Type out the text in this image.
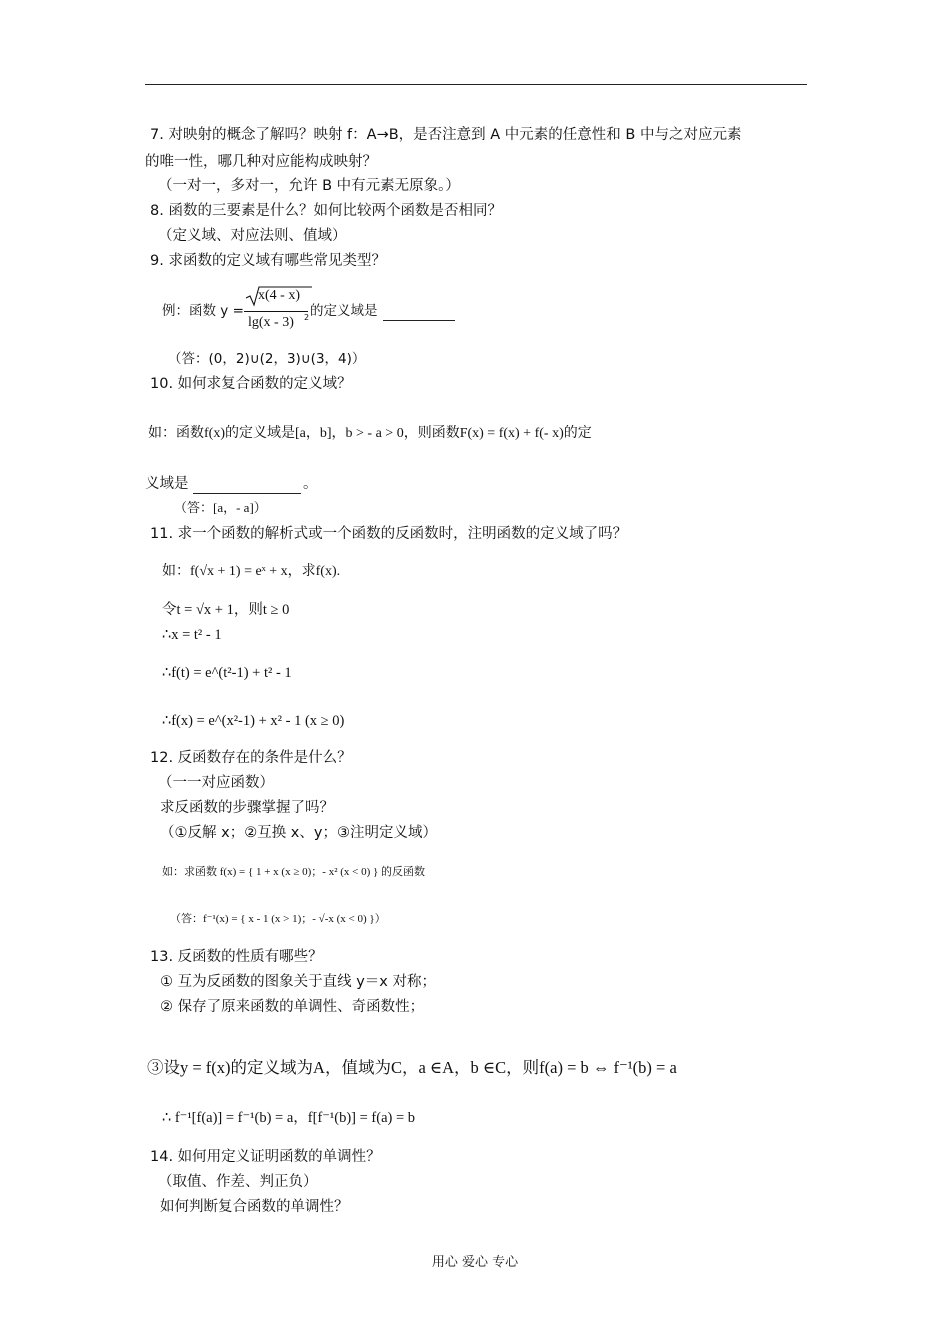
7. 对映射的概念了解吗？映射 f：A→B，是否注意到 A 中元素的任意性和 B 中与之对应元素
的唯一性，哪几种对应能构成映射？
（一对一，多对一，允许 B 中有元素无原象。）
8. 函数的三要素是什么？如何比较两个函数是否相同？
（定义域、对应法则、值域）
9. 求函数的定义域有哪些常见类型？
例：函数 y =
x(4 - x)
lg(x - 3) 2 的定义域是
（答：(0，2)∪(2，3)∪(3，4)）
10. 如何求复合函数的定义域？
如：函数f(x)的定义域是[a，b]，b > - a > 0，则函数F(x) = f(x) + f(- x)的定
义域是	。
（答：[a，- a]）
11. 求一个函数的解析式或一个函数的反函数时，注明函数的定义域了吗？
如：f(√x + 1) = eˣ + x，求f(x).
令t = √x + 1，则t ≥ 0
∴x = t² - 1
∴f(t) = e^(t²-1) + t² - 1
∴f(x) = e^(x²-1) + x² - 1 (x ≥ 0)
12. 反函数存在的条件是什么？
（一一对应函数）
求反函数的步骤掌握了吗？
（①反解 x；②互换 x、y；③注明定义域）
如：求函数 f(x) = { 1 + x (x ≥ 0)；- x² (x < 0) } 的反函数
（答：f⁻¹(x) = { x - 1 (x > 1)；- √-x (x < 0) }）
13. 反函数的性质有哪些？
① 互为反函数的图象关于直线 y＝x 对称；
② 保存了原来函数的单调性、奇函数性；
③设y = f(x)的定义域为A，值域为C，a ∈A，b ∈C，则f(a) = b ⇔ f⁻¹(b) = a
∴ f⁻¹[f(a)] = f⁻¹(b) = a，f[f⁻¹(b)] = f(a) = b
14. 如何用定义证明函数的单调性？
（取值、作差、判正负）
如何判断复合函数的单调性？
用心 爱心 专心
